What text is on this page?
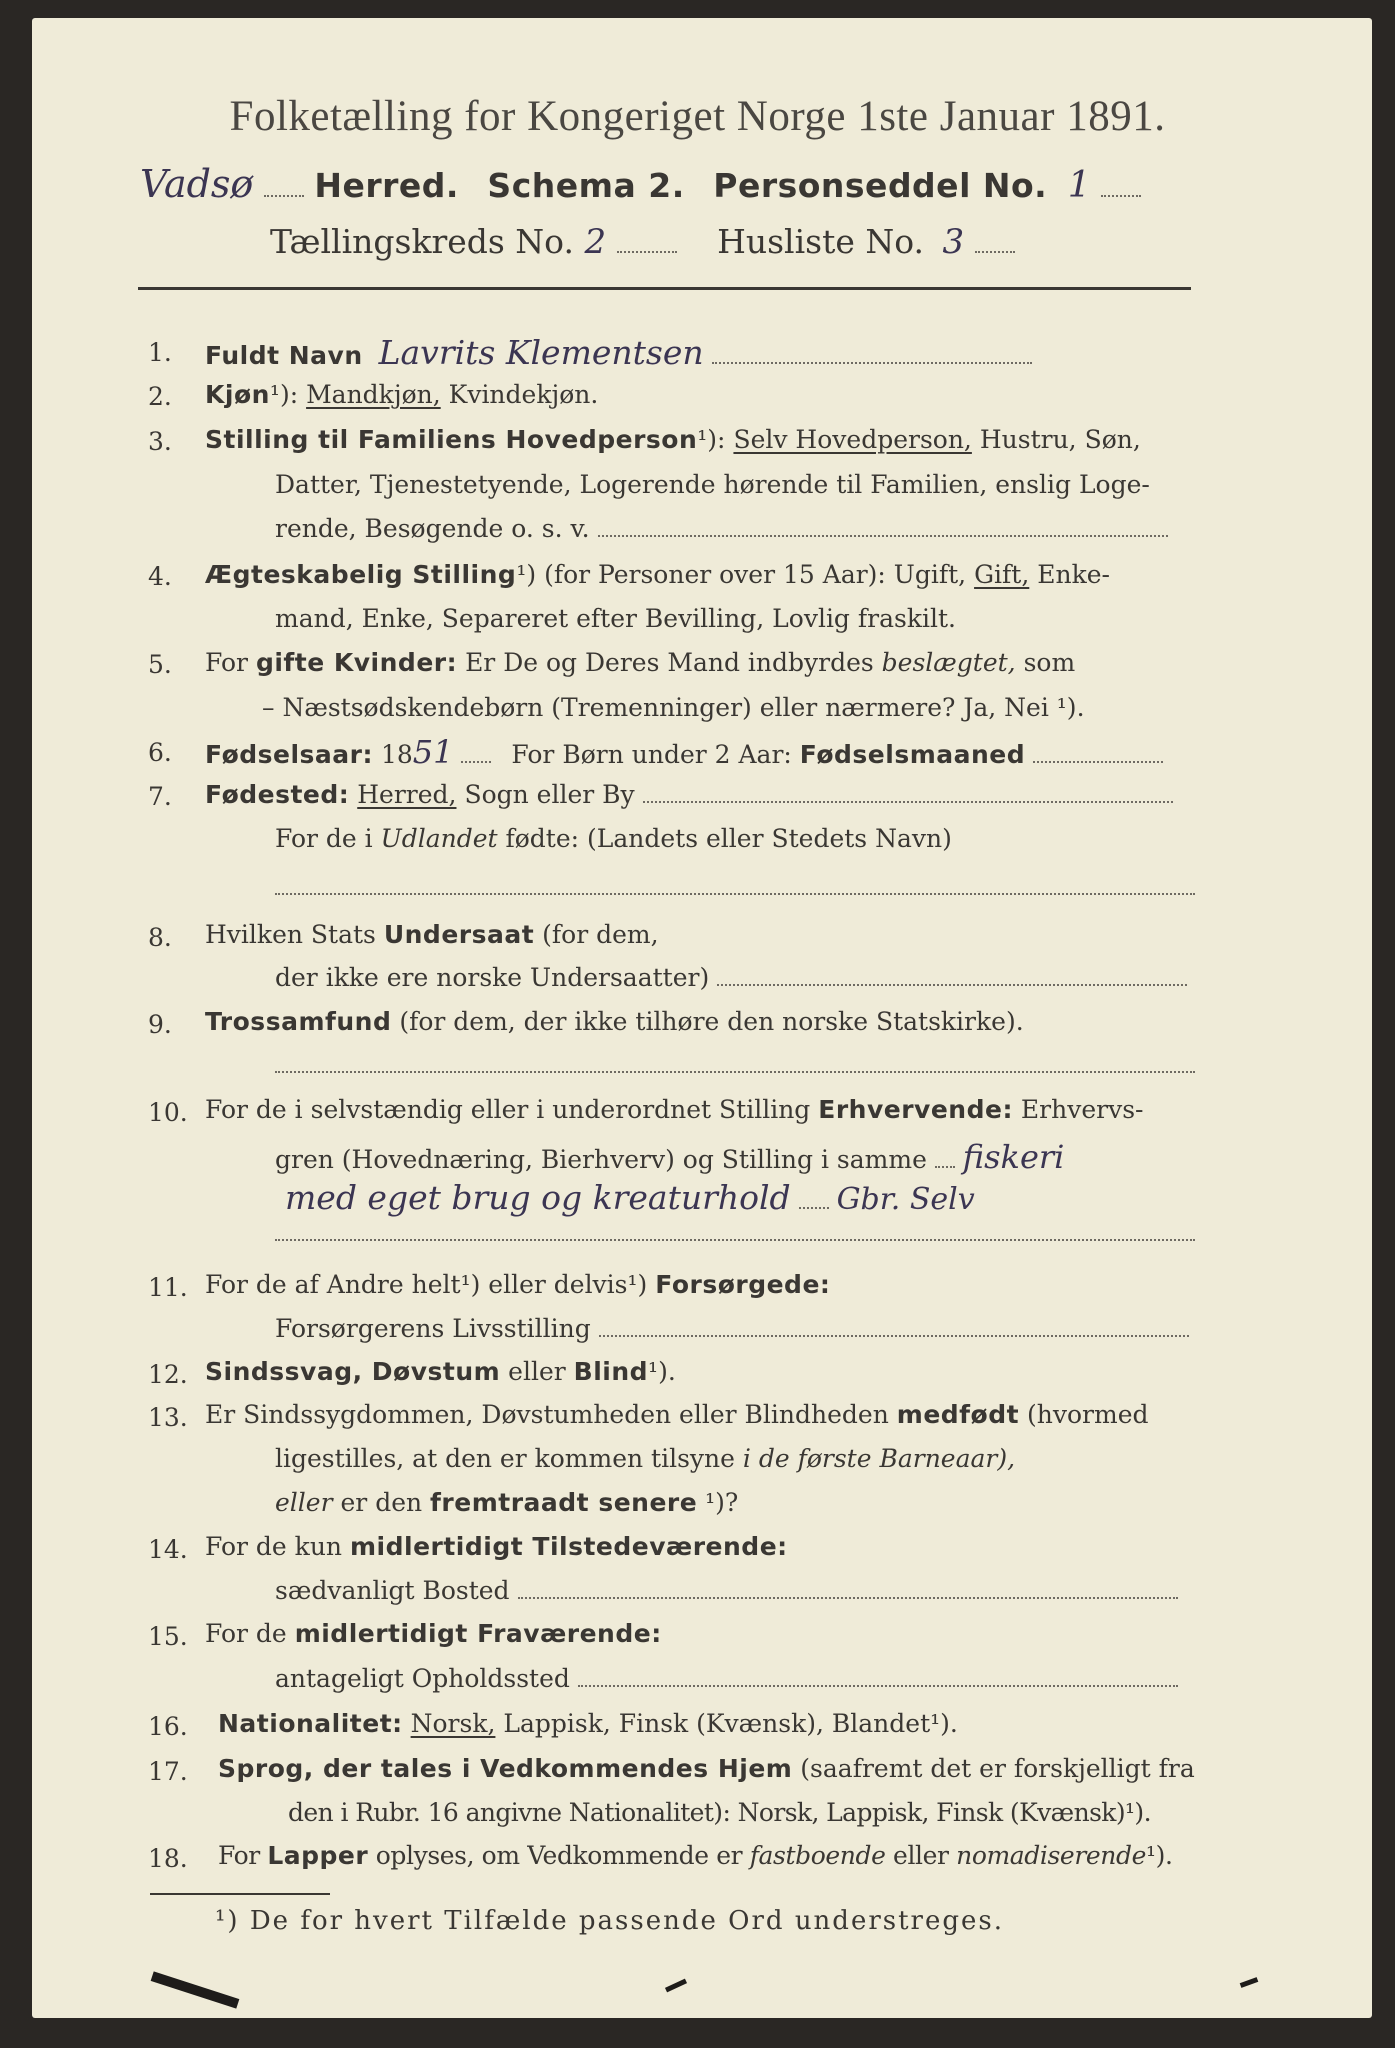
Folketælling for Kongeriget Norge 1ste Januar 1891.
Vadsø Herred. Schema 2. Personseddel No. 1
Tællingskreds No. 2	Husliste No. 3
1. Fuldt Navn Lavrits Klementsen
2. Kjøn¹): Mandkjøn, Kvindekjøn.
3. Stilling til Familiens Hovedperson¹): Selv Hovedperson, Hustru, Søn,
Datter, Tjenestetyende, Logerende hørende til Familien, enslig Loge-
rende, Besøgende o. s. v.
4. Ægteskabelig Stilling¹) (for Personer over 15 Aar): Ugift, Gift, Enke-
mand, Enke, Separeret efter Bevilling, Lovlig fraskilt.
5. For gifte Kvinder: Er De og Deres Mand indbyrdes beslægtet, som
– Næstsødskendebørn (Tremenninger) eller nærmere? Ja, Nei ¹).
6. Fødselsaar: 1851 For Børn under 2 Aar: Fødselsmaaned
7. Fødested: Herred, Sogn eller By
For de i Udlandet fødte: (Landets eller Stedets Navn)
8. Hvilken Stats Undersaat (for dem,
der ikke ere norske Undersaatter)
9. Trossamfund (for dem, der ikke tilhøre den norske Statskirke).
10. For de i selvstændig eller i underordnet Stilling Erhvervende: Erhvervs-
gren (Hovednæring, Bierhverv) og Stilling i samme fiskeri
med eget brug og kreaturhold Gbr. Selv
11. For de af Andre helt¹) eller delvis¹) Forsørgede:
Forsørgerens Livsstilling
12. Sindssvag, Døvstum eller Blind¹).
13. Er Sindssygdommen, Døvstumheden eller Blindheden medfødt (hvormed
ligestilles, at den er kommen tilsyne i de første Barneaar),
eller er den fremtraadt senere ¹)?
14. For de kun midlertidigt Tilstedeværende:
sædvanligt Bosted
15. For de midlertidigt Fraværende:
antageligt Opholdssted
16. Nationalitet: Norsk, Lappisk, Finsk (Kvænsk), Blandet¹).
17. Sprog, der tales i Vedkommendes Hjem (saafremt det er forskjelligt fra
den i Rubr. 16 angivne Nationalitet): Norsk, Lappisk, Finsk (Kvænsk)¹).
18. For Lapper oplyses, om Vedkommende er fastboende eller nomadiserende¹).
¹) De for hvert Tilfælde passende Ord understreges.
